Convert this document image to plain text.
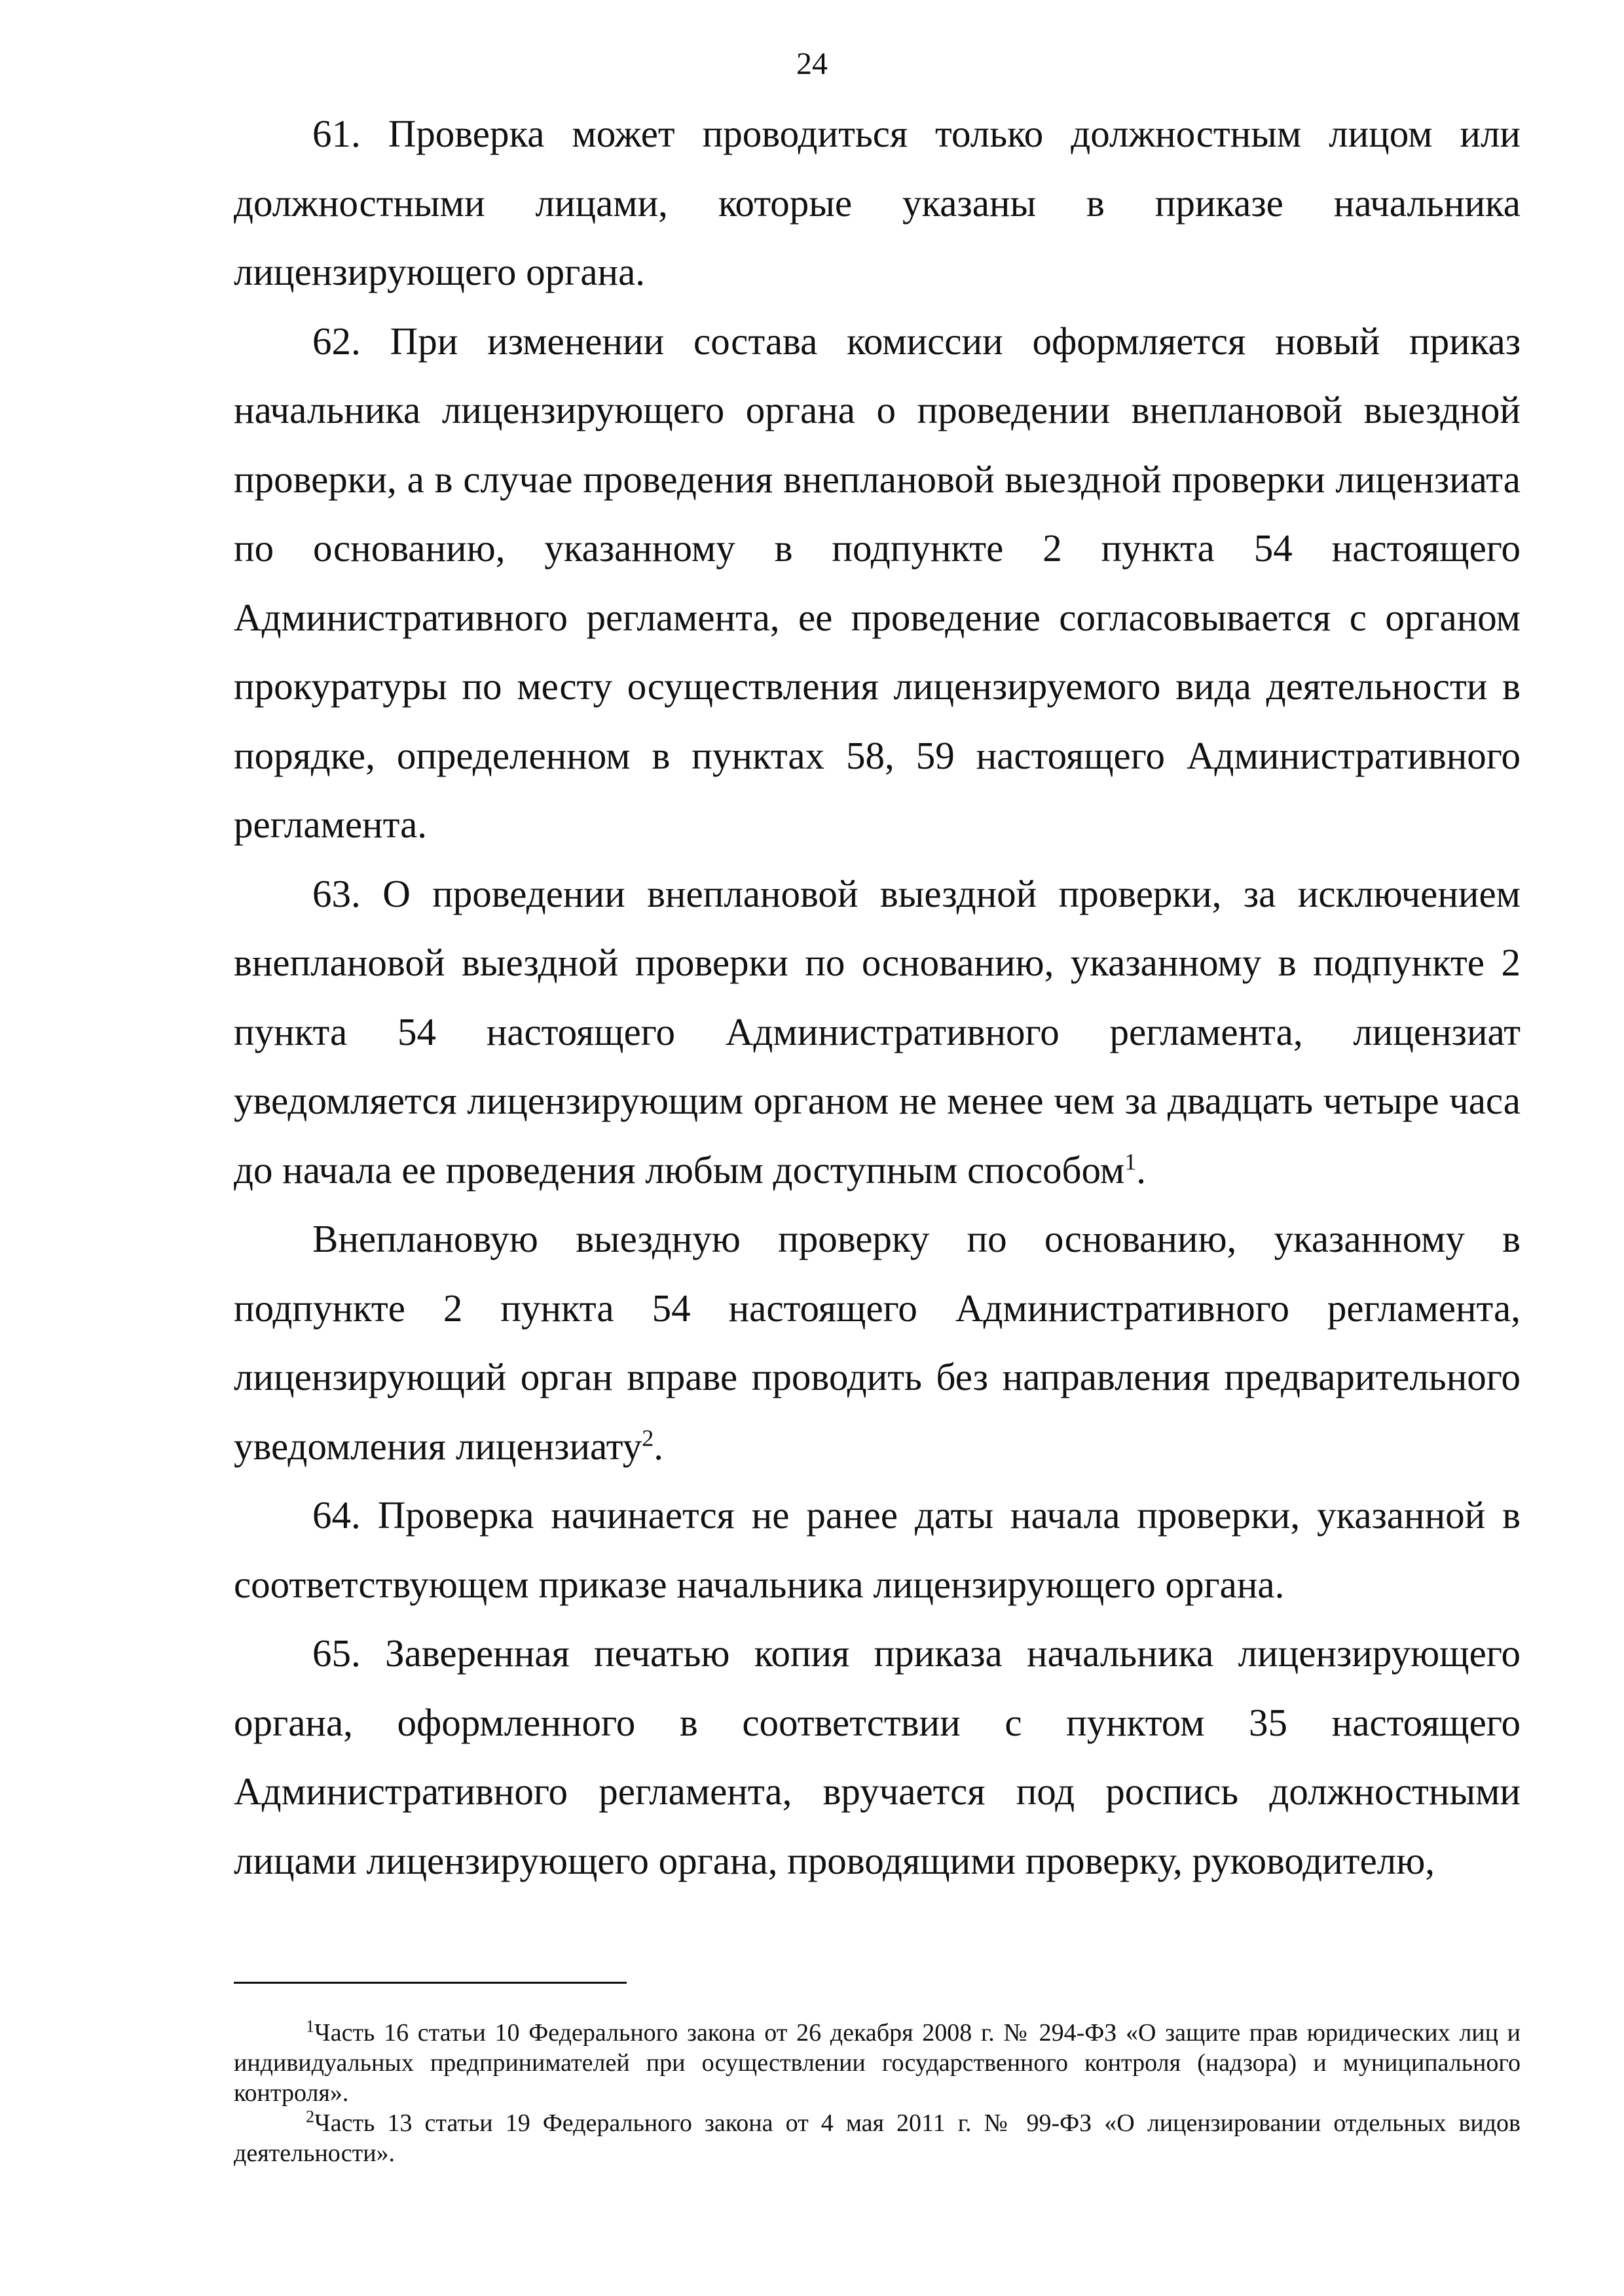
24

61. Проверка может проводиться только должностным лицом или должностными лицами, которые указаны в приказе начальника лицензирующего органа.

62. При изменении состава комиссии оформляется новый приказ начальника лицензирующего органа о проведении внеплановой выездной проверки, а в случае проведения внеплановой выездной проверки лицензиата по основанию, указанному в подпункте 2 пункта 54 настоящего Административного регламента, ее проведение согласовывается с органом прокуратуры по месту осуществления лицензируемого вида деятельности в порядке, определенном в пунктах 58, 59 настоящего Административного регламента.

63. О проведении внеплановой выездной проверки, за исключением внеплановой выездной проверки по основанию, указанному в подпункте 2 пункта 54 настоящего Административного регламента, лицензиат уведомляется лицензирующим органом не менее чем за двадцать четыре часа до начала ее проведения любым доступным способом$^1$.

Внеплановую выездную проверку по основанию, указанному в подпункте 2 пункта 54 настоящего Административного регламента, лицензирующий орган вправе проводить без направления предварительного уведомления лицензиату$^2$.

64. Проверка начинается не ранее даты начала проверки, указанной в соответствующем приказе начальника лицензирующего органа.

65. Заверенная печатью копия приказа начальника лицензирующего органа, оформленного в соответствии с пунктом 35 настоящего Административного регламента, вручается под роспись должностными лицами лицензирующего органа, проводящими проверку, руководителю,

$^1$Часть 16 статьи 10 Федерального закона от 26 декабря 2008 г. № 294-ФЗ «О защите прав юридических лиц и индивидуальных предпринимателей при осуществлении государственного контроля (надзора) и муниципального контроля».

$^2$Часть 13 статьи 19 Федерального закона от 4 мая 2011 г. № 99-ФЗ «О лицензировании отдельных видов деятельности».
